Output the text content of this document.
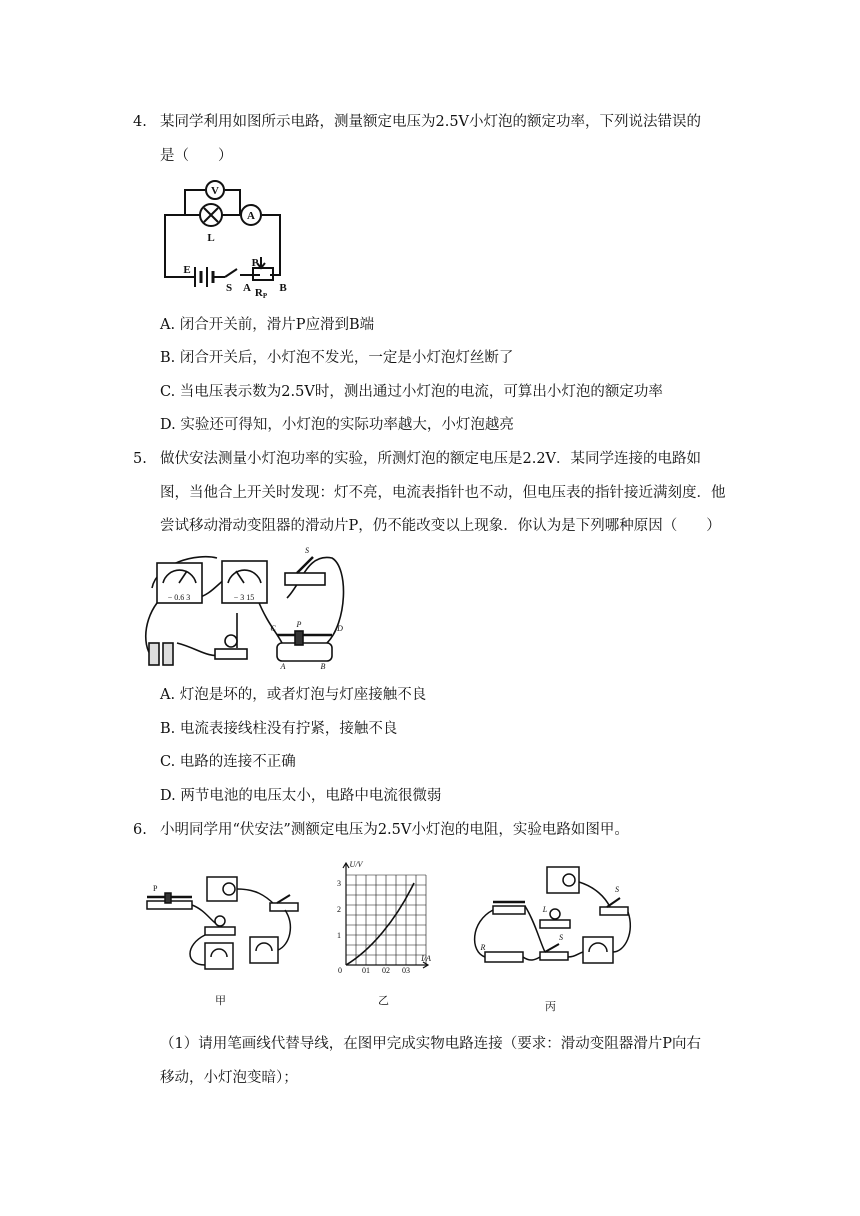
4. 某同学利用如图所示电路，测量额定电压为2.5V小灯泡的额定功率，下列说法错误的
是（　　）
V
A
L
E
S
P
A	B
RP
A. 闭合开关前，滑片P应滑到B端
B. 闭合开关后，小灯泡不发光，一定是小灯泡灯丝断了
C. 当电压表示数为2.5V时，测出通过小灯泡的电流，可算出小灯泡的额定功率
D. 实验还可得知，小灯泡的实际功率越大，小灯泡越亮
5. 做伏安法测量小灯泡功率的实验，所测灯泡的额定电压是2.2V．某同学连接的电路如
图，当他合上开关时发现：灯不亮，电流表指针也不动，但电压表的指针接近满刻度．他
尝试移动滑动变阻器的滑动片P，仍不能改变以上现象．你认为是下列哪种原因（　　）
− 0.6 3	− 3 15
S
P
C	D
A	B
A. 灯泡是坏的，或者灯泡与灯座接触不良
B. 电流表接线柱没有拧紧，接触不良
C. 电路的连接不正确
D. 两节电池的电压太小，电路中电流很微弱
6. 小明同学用“伏安法”测额定电压为2.5V小灯泡的电阻，实验电路如图甲。
P
甲
U/V
I/A
1
2
3
0	01 02 03
乙
S
S
R
L
丙
（1）请用笔画线代替导线，在图甲完成实物电路连接（要求：滑动变阻器滑片P向右
移动，小灯泡变暗）；
